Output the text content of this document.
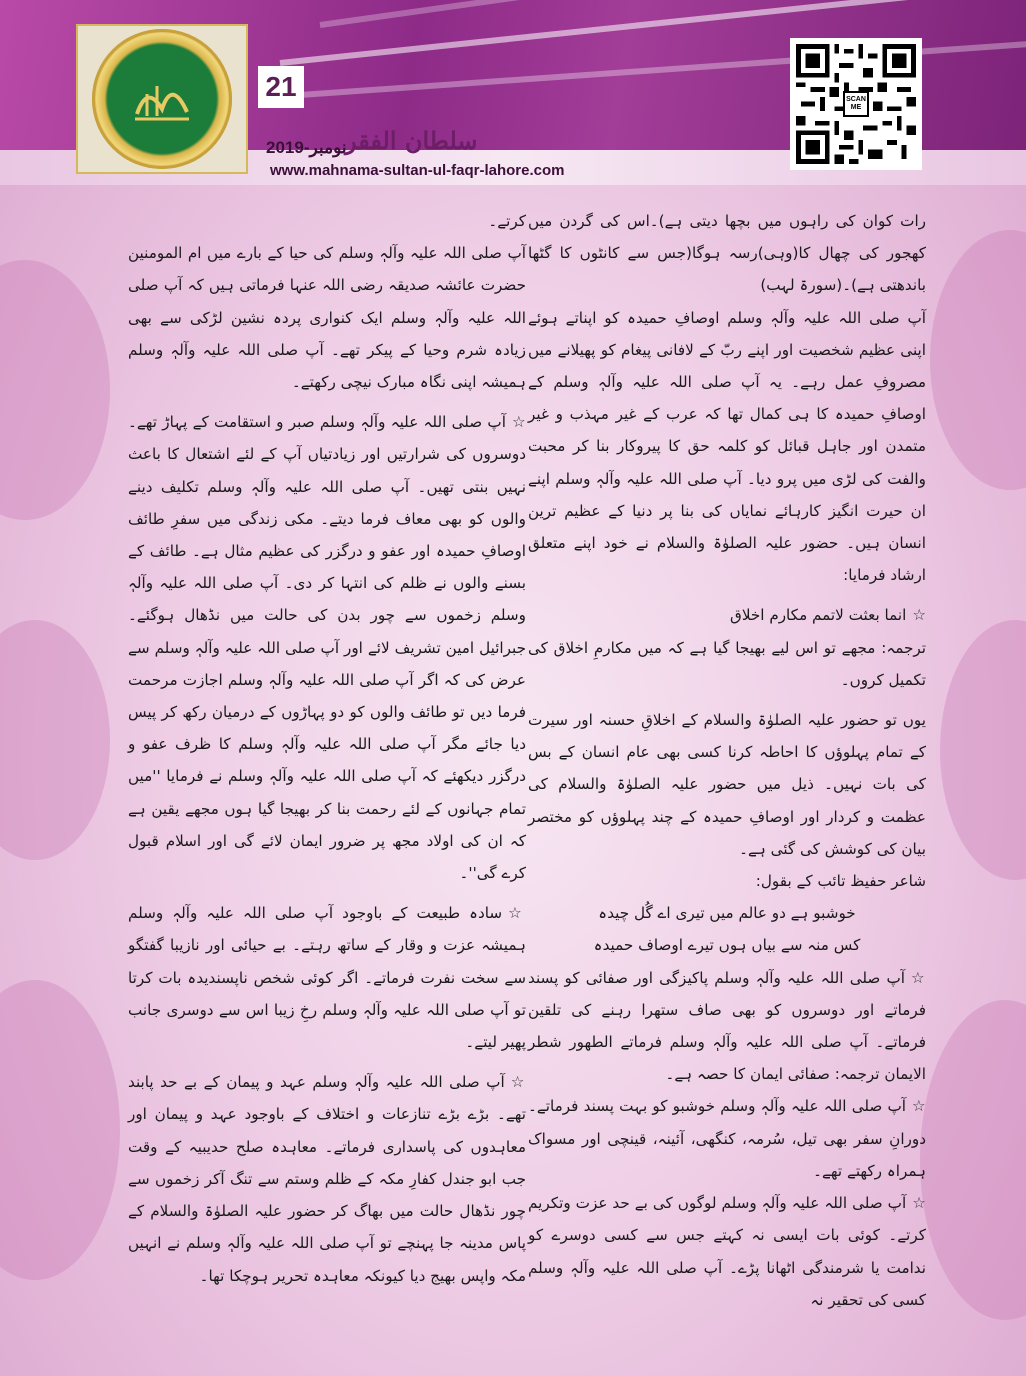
21
2019-نومبر
سلطان الفقر
www.mahnama-sultan-ul-faqr-lahore.com
SCAN ME

رات کوان کی راہوں میں بچھا دیتی ہے)۔اس کی گردن میں کھجور کی چھال کا(وہی)رسہ ہوگا(جس سے کانٹوں کا گٹھا باندھتی ہے)۔(سورۃ لہب)

آپ صلی اللہ علیہ وآلہٖ وسلم اوصافِ حمیدہ کو اپناتے ہوئے اپنی عظیم شخصیت اور اپنے ربّ کے لافانی پیغام کو پھیلانے میں مصروفِ عمل رہے۔ یہ آپ صلی اللہ علیہ وآلہٖ وسلم کے اوصافِ حمیدہ کا ہی کمال تھا کہ عرب کے غیر مہذب و غیر متمدن اور جاہل قبائل کو کلمہ حق کا پیروکار بنا کر محبت والفت کی لڑی میں پرو دیا۔ آپ صلی اللہ علیہ وآلہٖ وسلم اپنے ان حیرت انگیز کارہائے نمایاں کی بنا پر دنیا کے عظیم ترین انسان ہیں۔ حضور علیہ الصلوٰۃ والسلام نے خود اپنے متعلق ارشاد فرمایا:

☆انما بعثت لاتمم مکارم اخلاق

ترجمہ: مجھے تو اس لیے بھیجا گیا ہے کہ میں مکارمِ اخلاق کی تکمیل کروں۔

یوں تو حضور علیہ الصلوٰۃ والسلام کے اخلاقِ حسنہ اور سیرت کے تمام پہلوؤں کا احاطہ کرنا کسی بھی عام انسان کے بس کی بات نہیں۔ ذیل میں حضور علیہ الصلوٰۃ والسلام کی عظمت و کردار اور اوصافِ حمیدہ کے چند پہلوؤں کو مختصر بیان کی کوشش کی گئی ہے۔

شاعر حفیظ تائب کے بقول:

خوشبو ہے دو عالم میں تیری اے گُل چیدہ
کس منہ سے بیاں ہوں تیرے اوصاف حمیدہ

☆آپ صلی اللہ علیہ وآلہٖ وسلم پاکیزگی اور صفائی کو پسند فرماتے اور دوسروں کو بھی صاف ستھرا رہنے کی تلقین فرماتے۔ آپ صلی اللہ علیہ وآلہٖ وسلم فرماتے الطھور شطر الایمان ترجمہ: صفائی ایمان کا حصہ ہے۔

☆آپ صلی اللہ علیہ وآلہٖ وسلم خوشبو کو بہت پسند فرماتے۔ دورانِ سفر بھی تیل، سُرمہ، کنگھی، آئینہ، قینچی اور مسواک ہمراہ رکھتے تھے۔

☆آپ صلی اللہ علیہ وآلہٖ وسلم لوگوں کی بے حد عزت وتکریم کرتے۔ کوئی بات ایسی نہ کہتے جس سے کسی دوسرے کو ندامت یا شرمندگی اٹھانا پڑے۔ آپ صلی اللہ علیہ وآلہٖ وسلم کسی کی تحقیر نہ

کرتے۔

آپ صلی اللہ علیہ وآلہٖ وسلم کی حیا کے بارے میں ام المومنین حضرت عائشہ صدیقہ رضی اللہ عنہا فرماتی ہیں کہ آپ صلی اللہ علیہ وآلہٖ وسلم ایک کنواری پردہ نشین لڑکی سے بھی زیادہ شرم وحیا کے پیکر تھے۔ آپ صلی اللہ علیہ وآلہٖ وسلم ہمیشہ اپنی نگاہ مبارک نیچی رکھتے۔

☆آپ صلی اللہ علیہ وآلہٖ وسلم صبر و استقامت کے پہاڑ تھے۔ دوسروں کی شرارتیں اور زیادتیاں آپ کے لئے اشتعال کا باعث نہیں بنتی تھیں۔ آپ صلی اللہ علیہ وآلہٖ وسلم تکلیف دینے والوں کو بھی معاف فرما دیتے۔ مکی زندگی میں سفرِ طائف اوصافِ حمیدہ اور عفو و درگزر کی عظیم مثال ہے۔ طائف کے بسنے والوں نے ظلم کی انتہا کر دی۔ آپ صلی اللہ علیہ وآلہٖ وسلم زخموں سے چور بدن کی حالت میں نڈھال ہوگئے۔ جبرائیل امین تشریف لائے اور آپ صلی اللہ علیہ وآلہٖ وسلم سے عرض کی کہ اگر آپ صلی اللہ علیہ وآلہٖ وسلم اجازت مرحمت فرما دیں تو طائف والوں کو دو پہاڑوں کے درمیان رکھ کر پیس دیا جائے مگر آپ صلی اللہ علیہ وآلہٖ وسلم کا ظرف عفو و درگزر دیکھئے کہ آپ صلی اللہ علیہ وآلہٖ وسلم نے فرمایا ''میں تمام جہانوں کے لئے رحمت بنا کر بھیجا گیا ہوں مجھے یقین ہے کہ ان کی اولاد مجھ پر ضرور ایمان لائے گی اور اسلام قبول کرے گی''۔

☆سادہ طبیعت کے باوجود آپ صلی اللہ علیہ وآلہٖ وسلم ہمیشہ عزت و وقار کے ساتھ رہتے۔ بے حیائی اور نازیبا گفتگو سے سخت نفرت فرماتے۔ اگر کوئی شخص ناپسندیدہ بات کرتا تو آپ صلی اللہ علیہ وآلہٖ وسلم رخِ زیبا اس سے دوسری جانب پھیر لیتے۔

☆آپ صلی اللہ علیہ وآلہٖ وسلم عہد و پیمان کے بے حد پابند تھے۔ بڑے بڑے تنازعات و اختلاف کے باوجود عہد و پیمان اور معاہدوں کی پاسداری فرماتے۔ معاہدہ صلح حدیبیہ کے وقت جب ابو جندل کفارِ مکہ کے ظلم وستم سے تنگ آکر زخموں سے چور نڈھال حالت میں بھاگ کر حضور علیہ الصلوٰۃ والسلام کے پاس مدینہ جا پہنچے تو آپ صلی اللہ علیہ وآلہٖ وسلم نے انہیں مکہ واپس بھیج دیا کیونکہ معاہدہ تحریر ہوچکا تھا۔
